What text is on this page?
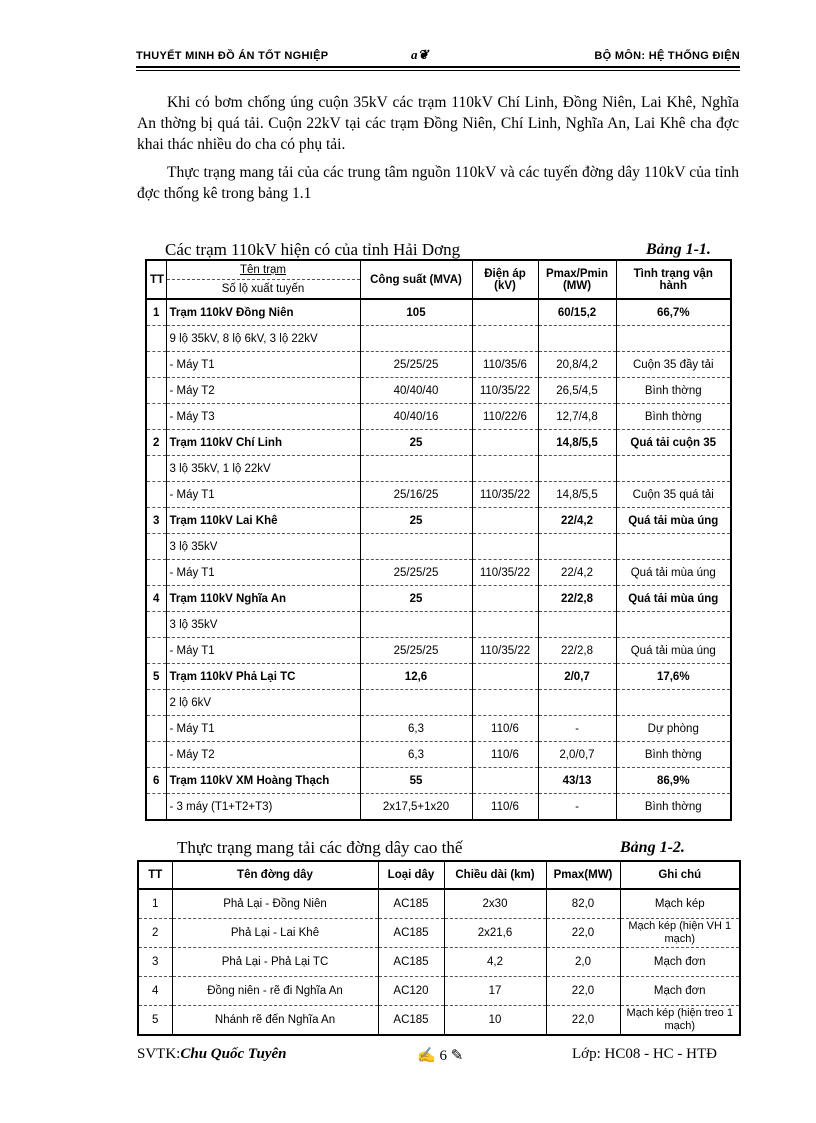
THUYẾT MINH ĐỒ ÁN TỐT NGHIỆP	a❦	BỘ MÔN: HỆ THỐNG ĐIỆN
Khi có bơm chống úng cuộn 35kV các trạm 110kV Chí Linh, Đồng Niên, Lai Khê, Nghĩa An thờng bị quá tải. Cuộn 22kV tại các trạm Đồng Niên, Chí Linh, Nghĩa An, Lai Khê cha đợc khai thác nhiều do cha có phụ tải.
Thực trạng mang tải của các trung tâm nguồn 110kV và các tuyến đờng dây 110kV của tỉnh đợc thống kê trong bảng 1.1
Các trạm 110kV hiện có của tỉnh Hải Dơng	Bảng 1-1.
TT	Tên trạm	Công suất (MVA)	Điện áp (kV)	Pmax/Pmin (MW)	Tình trạng vận hành
	Số lộ xuất tuyến				
1	Trạm 110kV Đồng Niên	105		60/15,2	66,7%
	9 lộ 35kV, 8 lộ 6kV, 3 lộ 22kV				
	- Máy T1	25/25/25	110/35/6	20,8/4,2	Cuộn 35 đầy tải
	- Máy T2	40/40/40	110/35/22	26,5/4,5	Bình thờng
	- Máy T3	40/40/16	110/22/6	12,7/4,8	Bình thờng
2	Trạm 110kV Chí Linh	25		14,8/5,5	Quá tải cuộn 35
	3 lộ 35kV, 1 lộ 22kV				
	- Máy T1	25/16/25	110/35/22	14,8/5,5	Cuộn 35 quá tải
3	Trạm 110kV Lai Khê	25		22/4,2	Quá tải mùa úng
	3 lộ 35kV				
	- Máy T1	25/25/25	110/35/22	22/4,2	Quá tải mùa úng
4	Trạm 110kV Nghĩa An	25		22/2,8	Quá tải mùa úng
	3 lộ 35kV				
	- Máy T1	25/25/25	110/35/22	22/2,8	Quá tải mùa úng
5	Trạm 110kV Phả Lại TC	12,6		2/0,7	17,6%
	2 lộ 6kV				
	- Máy T1	6,3	110/6	-	Dự phòng
	- Máy T2	6,3	110/6	2,0/0,7	Bình thờng
6	Trạm 110kV XM Hoàng Thạch	55		43/13	86,9%
	- 3 máy (T1+T2+T3)	2x17,5+1x20	110/6	-	Bình thờng
Thực trạng mang tải các đờng dây cao thế	Bảng 1-2.
TT	Tên đờng dây	Loại dây	Chiều dài (km)	Pmax(MW)	Ghi chú
1	Phả Lại - Đồng Niên	AC185	2x30	82,0	Mạch kép
2	Phả Lại - Lai Khê	AC185	2x21,6	22,0	Mạch kép (hiện VH 1 mạch)
3	Phả Lại - Phả Lại TC	AC185	4,2	2,0	Mạch đơn
4	Đồng niên - rẽ đi Nghĩa An	AC120	17	22,0	Mạch đơn
5	Nhánh rẽ đến Nghĩa An	AC185	10	22,0	Mạch kép (hiện treo 1 mạch)
SVTK:Chu Quốc Tuyên	✍ 6 ✎	Lớp: HC08 - HC - HTĐ
